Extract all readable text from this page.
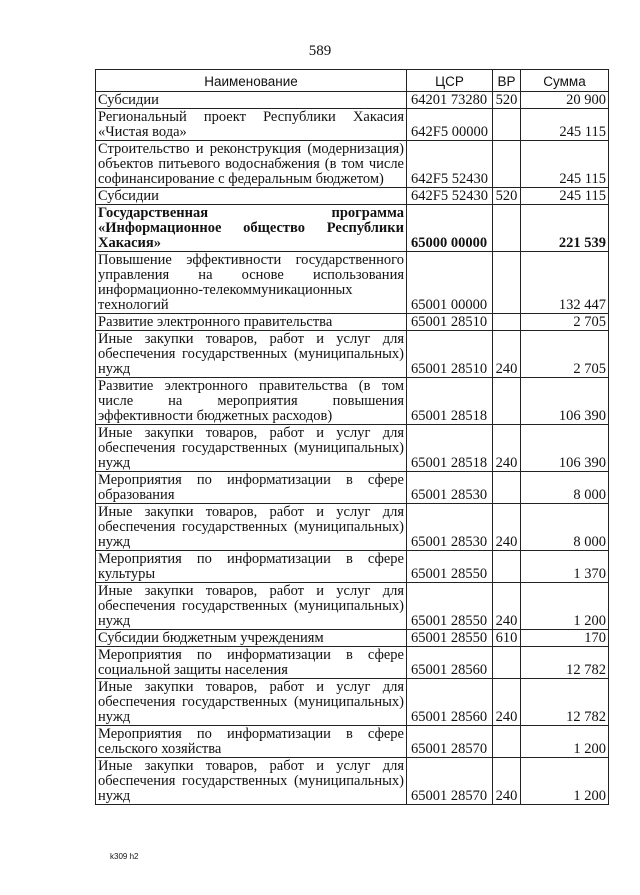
589
Наименование	ЦСР	ВР	Сумма
Субсидии	64201 73280	520	20 900
Региональный проект Республики Хакасия «Чистая вода»	642F5 00000		245 115
Строительство и реконструкция (модернизация) объектов питьевого водоснабжения (в том числе софинансирование с федеральным бюджетом)	642F5 52430		245 115
Субсидии	642F5 52430	520	245 115
Государственная программа «Информационное общество Республики Хакасия»	65000 00000		221 539
Повышение эффективности государственного управления на основе использования информационно-телекоммуникационных технологий	65001 00000		132 447
Развитие электронного правительства	65001 28510		2 705
Иные закупки товаров, работ и услуг для обеспечения государственных (муниципальных) нужд	65001 28510	240	2 705
Развитие электронного правительства (в том числе на мероприятия повышения эффективности бюджетных расходов)	65001 28518		106 390
Иные закупки товаров, работ и услуг для обеспечения государственных (муниципальных) нужд	65001 28518	240	106 390
Мероприятия по информатизации в сфере образования	65001 28530		8 000
Иные закупки товаров, работ и услуг для обеспечения государственных (муниципальных) нужд	65001 28530	240	8 000
Мероприятия по информатизации в сфере культуры	65001 28550		1 370
Иные закупки товаров, работ и услуг для обеспечения государственных (муниципальных) нужд	65001 28550	240	1 200
Субсидии бюджетным учреждениям	65001 28550	610	170
Мероприятия по информатизации в сфере социальной защиты населения	65001 28560		12 782
Иные закупки товаров, работ и услуг для обеспечения государственных (муниципальных) нужд	65001 28560	240	12 782
Мероприятия по информатизации в сфере сельского хозяйства	65001 28570		1 200
Иные закупки товаров, работ и услуг для обеспечения государственных (муниципальных) нужд	65001 28570	240	1 200
k309 h2
